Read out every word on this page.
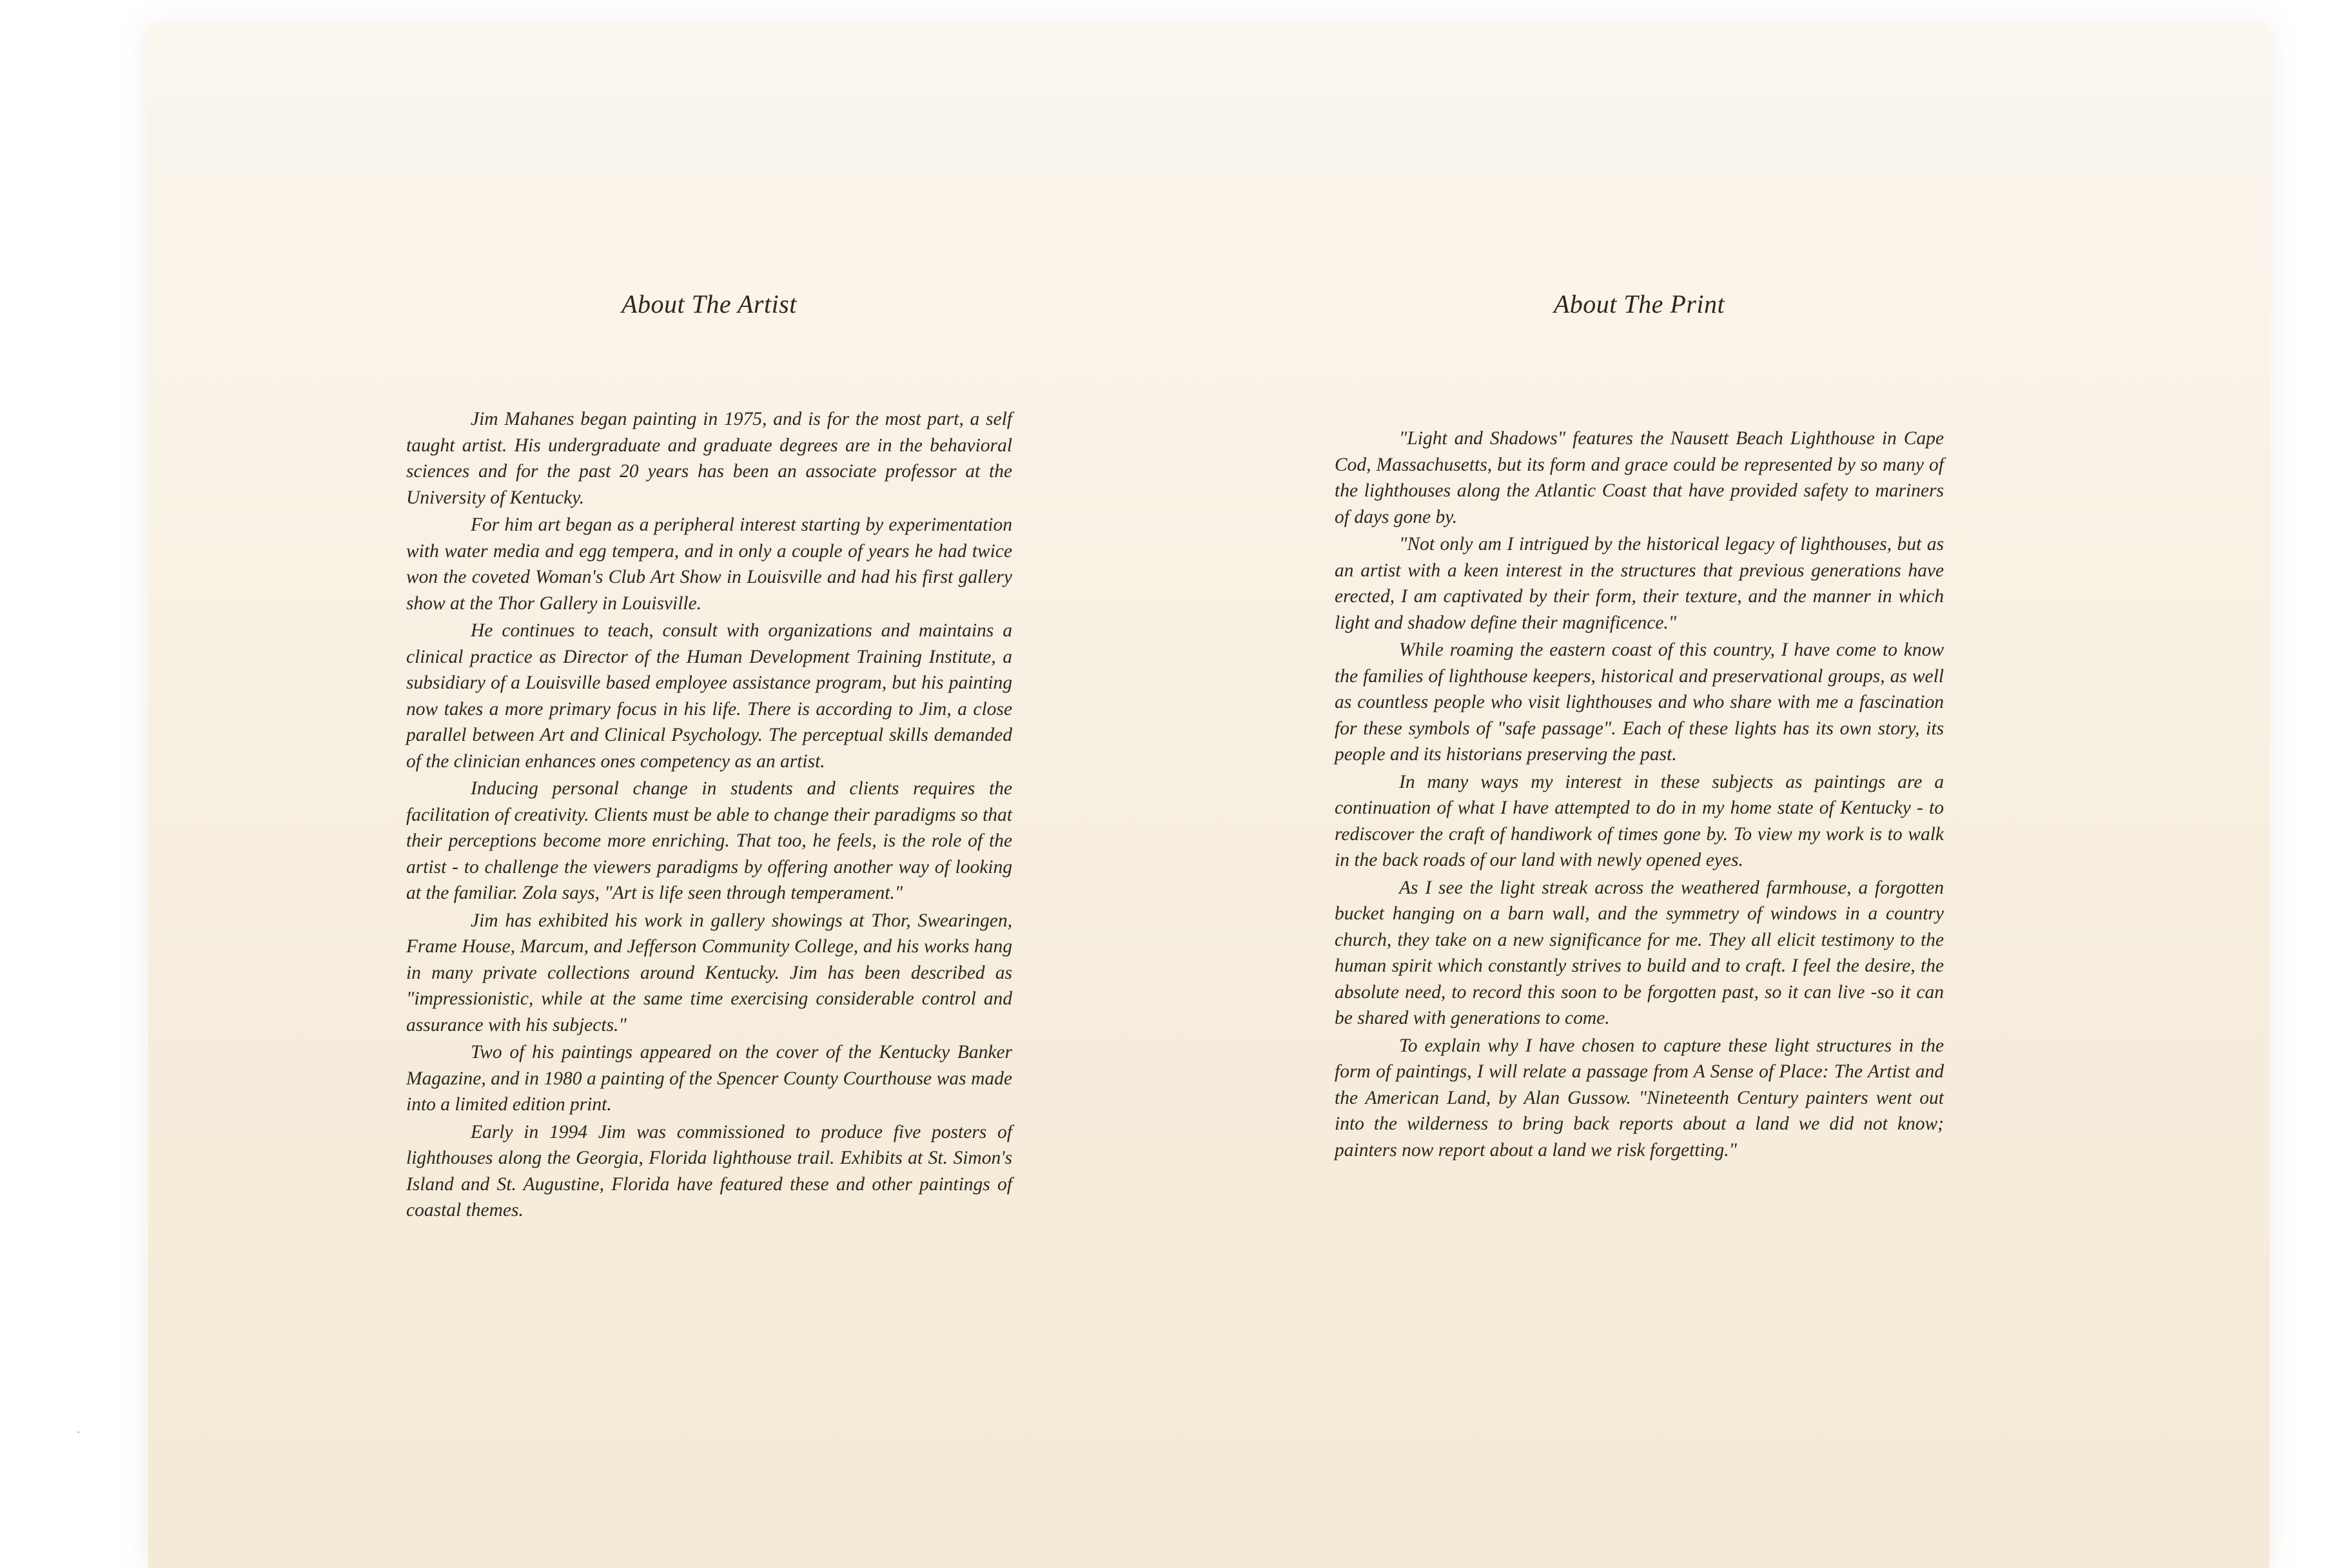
About The Artist

Jim Mahanes began painting in 1975, and is for the most part, a self taught artist. His undergraduate and graduate degrees are in the behavioral sciences and for the past 20 years has been an associate professor at the University of Kentucky.

For him art began as a peripheral interest starting by experimentation with water media and egg tempera, and in only a couple of years he had twice won the coveted Woman's Club Art Show in Louisville and had his first gallery show at the Thor Gallery in Louisville.

He continues to teach, consult with organizations and maintains a clinical practice as Director of the Human Development Training Institute, a subsidiary of a Louisville based employee assistance program, but his painting now takes a more primary focus in his life. There is according to Jim, a close parallel between Art and Clinical Psychology. The perceptual skills demanded of the clinician enhances ones competency as an artist.

Inducing personal change in students and clients requires the facilitation of creativity. Clients must be able to change their paradigms so that their perceptions become more enriching. That too, he feels, is the role of the artist - to challenge the viewers paradigms by offering another way of looking at the familiar. Zola says, "Art is life seen through temperament."

Jim has exhibited his work in gallery showings at Thor, Swearingen, Frame House, Marcum, and Jefferson Community College, and his works hang in many private collections around Kentucky. Jim has been described as "impressionistic, while at the same time exercising considerable control and assurance with his subjects."

Two of his paintings appeared on the cover of the Kentucky Banker Magazine, and in 1980 a painting of the Spencer County Courthouse was made into a limited edition print.

Early in 1994 Jim was commissioned to produce five posters of lighthouses along the Georgia, Florida lighthouse trail. Exhibits at St. Simon's Island and St. Augustine, Florida have featured these and other paintings of coastal themes.

About The Print

"Light and Shadows" features the Nausett Beach Lighthouse in Cape Cod, Massachusetts, but its form and grace could be represented by so many of the lighthouses along the Atlantic Coast that have provided safety to mariners of days gone by.

"Not only am I intrigued by the historical legacy of lighthouses, but as an artist with a keen interest in the structures that previous generations have erected, I am captivated by their form, their texture, and the manner in which light and shadow define their magnificence."

While roaming the eastern coast of this country, I have come to know the families of lighthouse keepers, historical and preservational groups, as well as countless people who visit lighthouses and who share with me a fascination for these symbols of "safe passage". Each of these lights has its own story, its people and its historians preserving the past.

In many ways my interest in these subjects as paintings are a continuation of what I have attempted to do in my home state of Kentucky - to rediscover the craft of handiwork of times gone by. To view my work is to walk in the back roads of our land with newly opened eyes.

As I see the light streak across the weathered farmhouse, a forgotten bucket hanging on a barn wall, and the symmetry of windows in a country church, they take on a new significance for me. They all elicit testimony to the human spirit which constantly strives to build and to craft. I feel the desire, the absolute need, to record this soon to be forgotten past, so it can live -so it can be shared with generations to come.

To explain why I have chosen to capture these light structures in the form of paintings, I will relate a passage from A Sense of Place: The Artist and the American Land, by Alan Gussow. "Nineteenth Century painters went out into the wilderness to bring back reports about a land we did not know; painters now report about a land we risk forgetting."
